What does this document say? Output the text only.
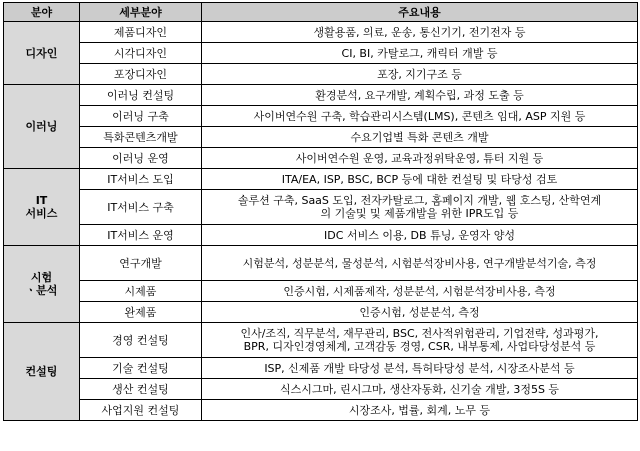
분야	세부분야	주요내용

디자인	제품디자인	생활용품, 의료, 운송, 통신기기, 전기전자 등

	시각디자인	CI, BI, 카탈로그, 캐릭터 개발 등

	포장디자인	포장, 지기구조 등

이러닝	이러닝 컨설팅	환경분석, 요구개발, 계획수립, 과정 도출 등

	이러닝 구축	사이버연수원 구축, 학습관리시스템(LMS), 콘텐츠 임대, ASP 지원 등

	특화콘텐츠개발	수요기업별 특화 콘텐츠 개발

	이러닝 운영	사이버연수원 운영, 교육과정위탁운영, 튜터 지원 등

IT
서비스	IT서비스 도입	ITA/EA, ISP, BSC, BCP 등에 대한 컨설팅 및 타당성 검토

	IT서비스 구축	솔루션 구축, SaaS 도입, 전자카탈로그, 홈페이지 개발, 웹 호스팅, 산학연계
의 기술및 및 제품개발을 위한 IPR도입 등

	IT서비스 운영	IDC 서비스 이용, DB 튜닝, 운영자 양성

시험
ㆍ분석	연구개발	시험분석, 성분분석, 물성분석, 시험분석장비사용, 연구개발분석기술, 측정

	시제품	인증시험, 시제품제작, 성분분석, 시험분석장비사용, 측정

	완제품	인증시험, 성분분석, 측정

컨설팅	경영 컨설팅	인사/조직, 직무분석, 재무관리, BSC, 전사적위험관리, 기업전략, 성과평가,
BPR, 디자인경영체계, 고객감동 경영, CSR, 내부통제, 사업타당성분석 등

	기술 컨설팅	ISP, 신제품 개발 타당성 분석, 특허타당성 분석, 시장조사분석 등

	생산 컨설팅	식스시그마, 린시그마, 생산자동화, 신기술 개발, 3정5S 등

	사업지원 컨설팅	시장조사, 법률, 회계, 노무 등
